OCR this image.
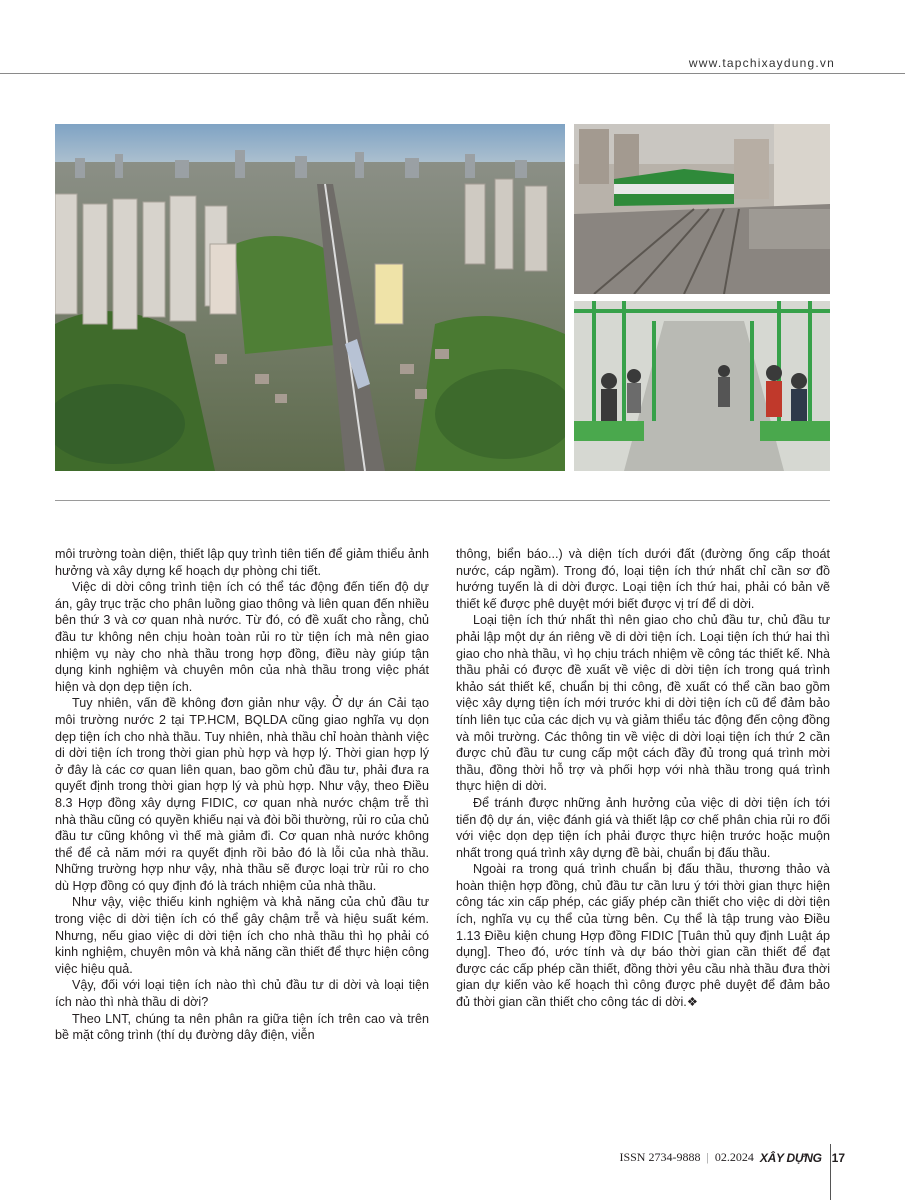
www.tapchixaydung.vn

môi trường toàn diện, thiết lập quy trình tiên tiến để giảm thiểu ảnh hưởng và xây dựng kế hoạch dự phòng chi tiết.

Việc di dời công trình tiện ích có thể tác động đến tiến độ dự án, gây trục trặc cho phân luồng giao thông và liên quan đến nhiều bên thứ 3 và cơ quan nhà nước. Từ đó, có đề xuất cho rằng, chủ đầu tư không nên chịu hoàn toàn rủi ro từ tiện ích mà nên giao nhiệm vụ này cho nhà thầu trong hợp đồng, điều này giúp tận dụng kinh nghiệm và chuyên môn của nhà thầu trong việc phát hiện và dọn dẹp tiện ích.

Tuy nhiên, vấn đề không đơn giản như vậy. Ở dự án Cải tạo môi trường nước 2 tại TP.HCM, BQLDA cũng giao nghĩa vụ dọn dẹp tiện ích cho nhà thầu. Tuy nhiên, nhà thầu chỉ hoàn thành việc di dời tiện ích trong thời gian phù hợp và hợp lý. Thời gian hợp lý ở đây là các cơ quan liên quan, bao gồm chủ đầu tư, phải đưa ra quyết định trong thời gian hợp lý và phù hợp. Như vậy, theo Điều 8.3 Hợp đồng xây dựng FIDIC, cơ quan nhà nước chậm trễ thì nhà thầu cũng có quyền khiếu nại và đòi bồi thường, rủi ro của chủ đầu tư cũng không vì thế mà giảm đi. Cơ quan nhà nước không thể để cả năm mới ra quyết định rồi bảo đó là lỗi của nhà thầu. Những trường hợp như vậy, nhà thầu sẽ được loại trừ rủi ro cho dù Hợp đồng có quy định đó là trách nhiệm của nhà thầu.

Như vậy, việc thiếu kinh nghiệm và khả năng của chủ đầu tư trong việc di dời tiện ích có thể gây chậm trễ và hiệu suất kém. Nhưng, nếu giao việc di dời tiện ích cho nhà thầu thì họ phải có kinh nghiệm, chuyên môn và khả năng cần thiết để thực hiện công việc hiệu quả.

Vậy, đối với loại tiện ích nào thì chủ đầu tư di dời và loại tiện ích nào thì nhà thầu di dời?

Theo LNT, chúng ta nên phân ra giữa tiện ích trên cao và trên bề mặt công trình (thí dụ đường dây điện, viễn

thông, biển báo...) và diện tích dưới đất (đường ống cấp thoát nước, cáp ngầm). Trong đó, loại tiện ích thứ nhất chỉ cần sơ đồ hướng tuyến là di dời được. Loại tiện ích thứ hai, phải có bản vẽ thiết kế được phê duyệt mới biết được vị trí để di dời.

Loại tiện ích thứ nhất thì nên giao cho chủ đầu tư, chủ đầu tư phải lập một dự án riêng về di dời tiện ích. Loại tiện ích thứ hai thì giao cho nhà thầu, vì họ chịu trách nhiệm về công tác thiết kế. Nhà thầu phải có được đề xuất về việc di dời tiện ích trong quá trình khảo sát thiết kế, chuẩn bị thi công, đề xuất có thể cần bao gồm việc xây dựng tiện ích mới trước khi di dời tiện ích cũ để đảm bảo tính liên tục của các dịch vụ và giảm thiểu tác động đến cộng đồng và môi trường. Các thông tin về việc di dời loại tiện ích thứ 2 cần được chủ đầu tư cung cấp một cách đầy đủ trong quá trình mời thầu, đồng thời hỗ trợ và phối hợp với nhà thầu trong quá trình thực hiện di dời.

Để tránh được những ảnh hưởng của việc di dời tiện ích tới tiến độ dự án, việc đánh giá và thiết lập cơ chế phân chia rủi ro đối với việc dọn dẹp tiện ích phải được thực hiện trước hoặc muộn nhất trong quá trình xây dựng đề bài, chuẩn bị đấu thầu.

Ngoài ra trong quá trình chuẩn bị đấu thầu, thương thảo và hoàn thiện hợp đồng, chủ đầu tư cần lưu ý tới thời gian thực hiện công tác xin cấp phép, các giấy phép cần thiết cho việc di dời tiện ích, nghĩa vụ cụ thể của từng bên. Cụ thể là tập trung vào Điều 1.13 Điều kiện chung Hợp đồng FIDIC [Tuân thủ quy định Luật áp dụng]. Theo đó, ước tính và dự báo thời gian cần thiết để đạt được các cấp phép cần thiết, đồng thời yêu cầu nhà thầu đưa thời gian dự kiến vào kế hoạch thì công được phê duyệt để đảm bảo đủ thời gian cần thiết cho công tác di dời.❖

ISSN 2734-9888 | 02.2024 XÂY DỰNG 17
